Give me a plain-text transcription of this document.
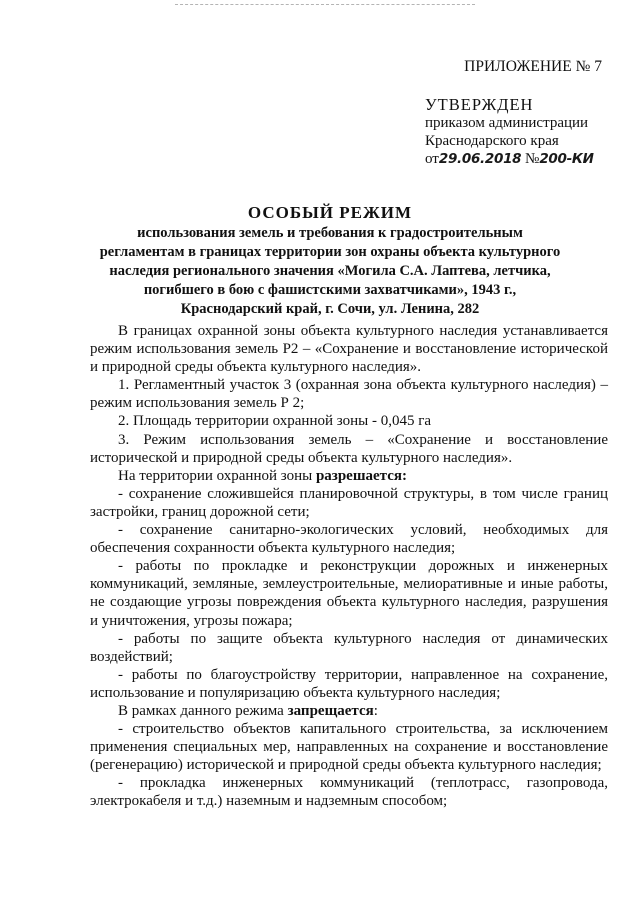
ПРИЛОЖЕНИЕ № 7
УТВЕРЖДЕН
приказом администрации
Краснодарского края
от29.06.2018 №200-КИ
ОСОБЫЙ РЕЖИМ
использования земель и требования к градостроительным регламентам в границах территории зон охраны объекта культурного наследия регионального значения «Могила С.А. Лаптева, летчика, погибшего в бою с фашистскими захватчиками», 1943 г., Краснодарский край, г. Сочи, ул. Ленина, 282

В границах охранной зоны объекта культурного наследия устанавливается режим использования земель Р2 – «Сохранение и восстановление исторической и природной среды объекта культурного наследия».

1. Регламентный участок 3 (охранная зона объекта культурного наследия) – режим использования земель Р 2;

2. Площадь территории охранной зоны - 0,045 га

3. Режим использования земель – «Сохранение и восстановление исторической и природной среды объекта культурного наследия».

На территории охранной зоны разрешается:

- сохранение сложившейся планировочной структуры, в том числе границ застройки, границ дорожной сети;

- сохранение санитарно-экологических условий, необходимых для обеспечения сохранности объекта культурного наследия;

- работы по прокладке и реконструкции дорожных и инженерных коммуникаций, земляные, землеустроительные, мелиоративные и иные работы, не создающие угрозы повреждения объекта культурного наследия, разрушения и уничтожения, угрозы пожара;

- работы по защите объекта культурного наследия от динамических воздействий;

- работы по благоустройству территории, направленное на сохранение, использование и популяризацию объекта культурного наследия;

В рамках данного режима запрещается:

- строительство объектов капитального строительства, за исключением применения специальных мер, направленных на сохранение и восстановление (регенерацию) исторической и природной среды объекта культурного наследия;

- прокладка инженерных коммуникаций (теплотрасс, газопровода, электрокабеля и т.д.) наземным и надземным способом;
